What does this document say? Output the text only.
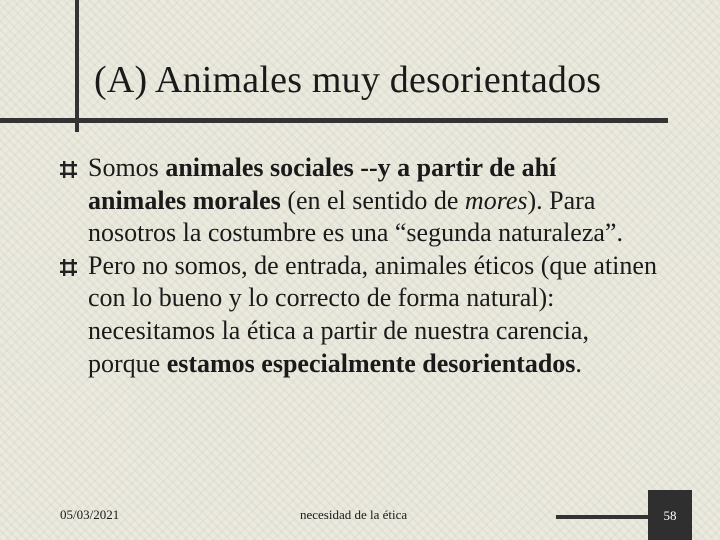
(A) Animales muy desorientados

Somos animales sociales --y a partir de ahí animales morales (en el sentido de mores). Para nosotros la costumbre es una “segunda naturaleza”.

Pero no somos, de entrada, animales éticos (que atinen con lo bueno y lo correcto de forma natural): necesitamos la ética a partir de nuestra carencia, porque estamos especialmente desorientados.

05/03/2021	necesidad de la ética	58
